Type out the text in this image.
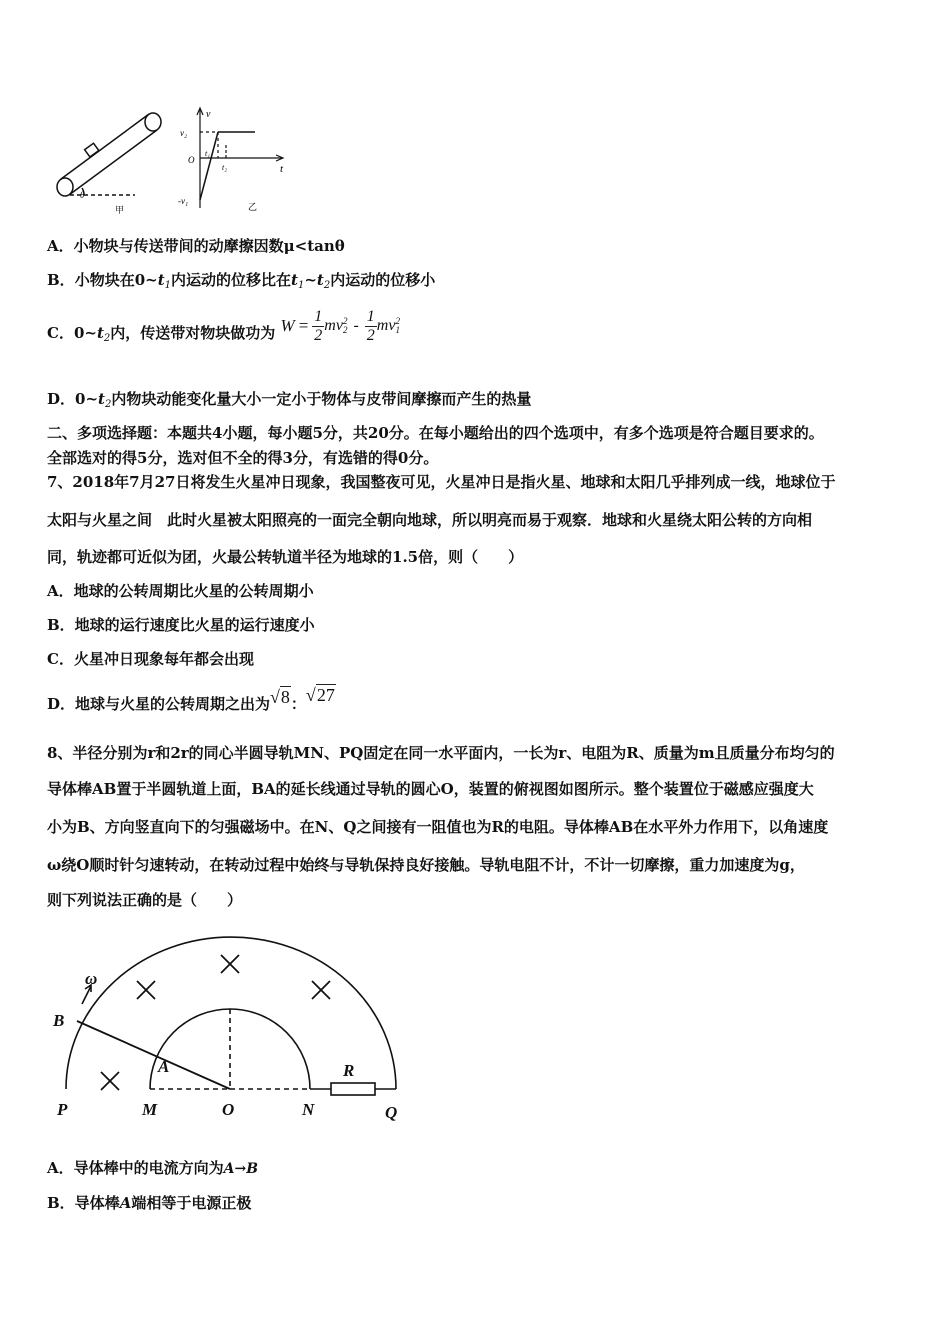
θ
甲
v
t
v₂
O
t₁
t₂
-v₁
乙
A．小物块与传送带间的动摩擦因数μ<tanθ
B．小物块在$0\sim t_1$内运动的位移比在$t_1\sim t_2$内运动的位移小
C．$0\sim t_2$内，传送带对物块做功为 $W = \frac{1}{2}$ mv 2
$2 - \frac{1}{2}$ mv 2
1
D．$0\sim t_2$内物块动能变化量大小一定小于物体与皮带间摩擦而产生的热量
二、多项选择题：本题共4小题，每小题5分，共20分。在每小题给出的四个选项中，有多个选项是符合题目要求的。
全部选对的得5分，选对但不全的得3分，有选错的得0分。
7、2018年7月27日将发生火星冲日现象，我国整夜可见，火星冲日是指火星、地球和太阳几乎排列成一线，地球位于
太阳与火星之间　此时火星被太阳照亮的一面完全朝向地球，所以明亮而易于观察．地球和火星绕太阳公转的方向相
同，轨迹都可近似为团，火最公转轨道半径为地球的1.5倍，则（　　）
A．地球的公转周期比火星的公转周期小
B．地球的运行速度比火星的运行速度小
C．火星冲日现象每年都会出现
D．地球与火星的公转周期之出为√8：√27
8、半径分别为r和2r的同心半圆导轨MN、PQ固定在同一水平面内，一长为r、电阻为R、质量为m且质量分布均匀的
导体棒AB置于半圆轨道上面，BA的延长线通过导轨的圆心O，装置的俯视图如图所示。整个装置位于磁感应强度大
小为B、方向竖直向下的匀强磁场中。在N、Q之间接有一阻值也为R的电阻。导体棒AB在水平外力作用下，以角速度
ω绕O顺时针匀速转动，在转动过程中始终与导轨保持良好接触。导轨电阻不计，不计一切摩擦，重力加速度为g，
则下列说法正确的是（　　）
ω
B
A	R
P	M	O	N	Q
A．导体棒中的电流方向为A→B
B．导体棒A端相等于电源正极
